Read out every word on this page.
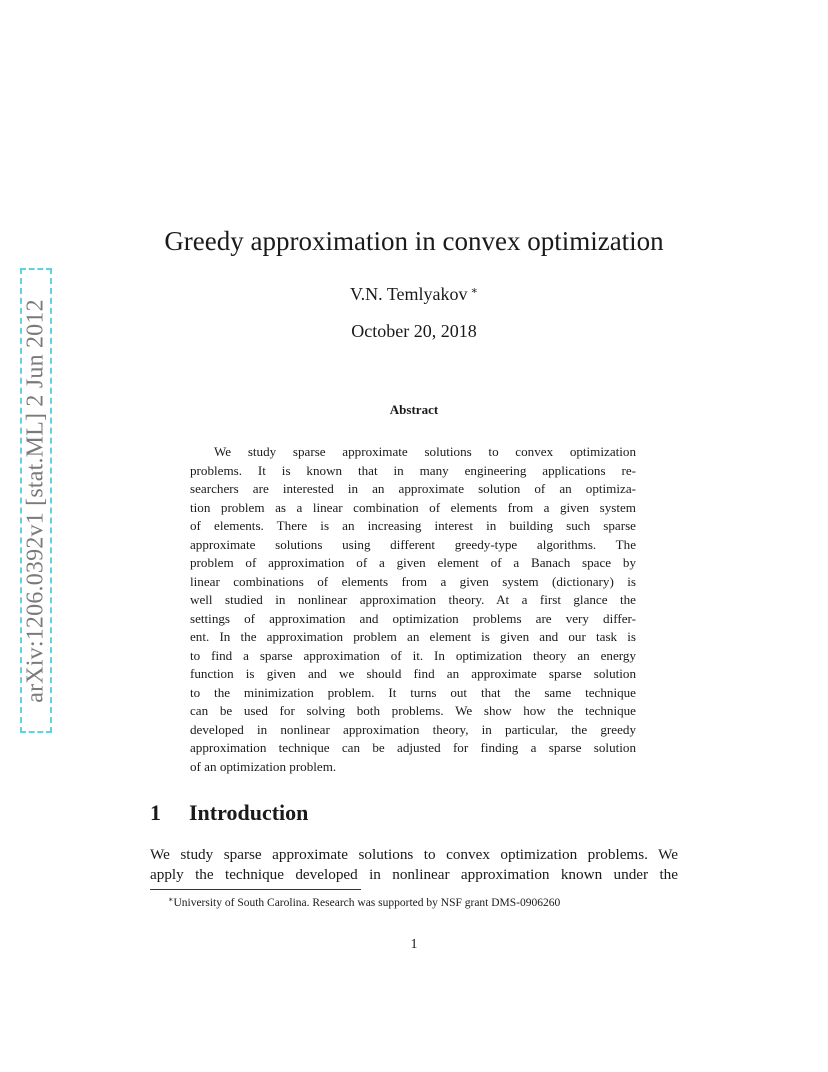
arXiv:1206.0392v1 [stat.ML] 2 Jun 2012
Greedy approximation in convex optimization
V.N. Temlyakov ∗
October 20, 2018
Abstract
We study sparse approximate solutions to convex optimization
problems. It is known that in many engineering applications re-
searchers are interested in an approximate solution of an optimiza-
tion problem as a linear combination of elements from a given system
of elements. There is an increasing interest in building such sparse
approximate solutions using different greedy-type algorithms. The
problem of approximation of a given element of a Banach space by
linear combinations of elements from a given system (dictionary) is
well studied in nonlinear approximation theory. At a first glance the
settings of approximation and optimization problems are very differ-
ent. In the approximation problem an element is given and our task is
to find a sparse approximation of it. In optimization theory an energy
function is given and we should find an approximate sparse solution
to the minimization problem. It turns out that the same technique
can be used for solving both problems. We show how the technique
developed in nonlinear approximation theory, in particular, the greedy
approximation technique can be adjusted for finding a sparse solution
of an optimization problem.
1 Introduction
We study sparse approximate solutions to convex optimization problems. We
apply the technique developed in nonlinear approximation known under the
∗University of South Carolina. Research was supported by NSF grant DMS-0906260
1
